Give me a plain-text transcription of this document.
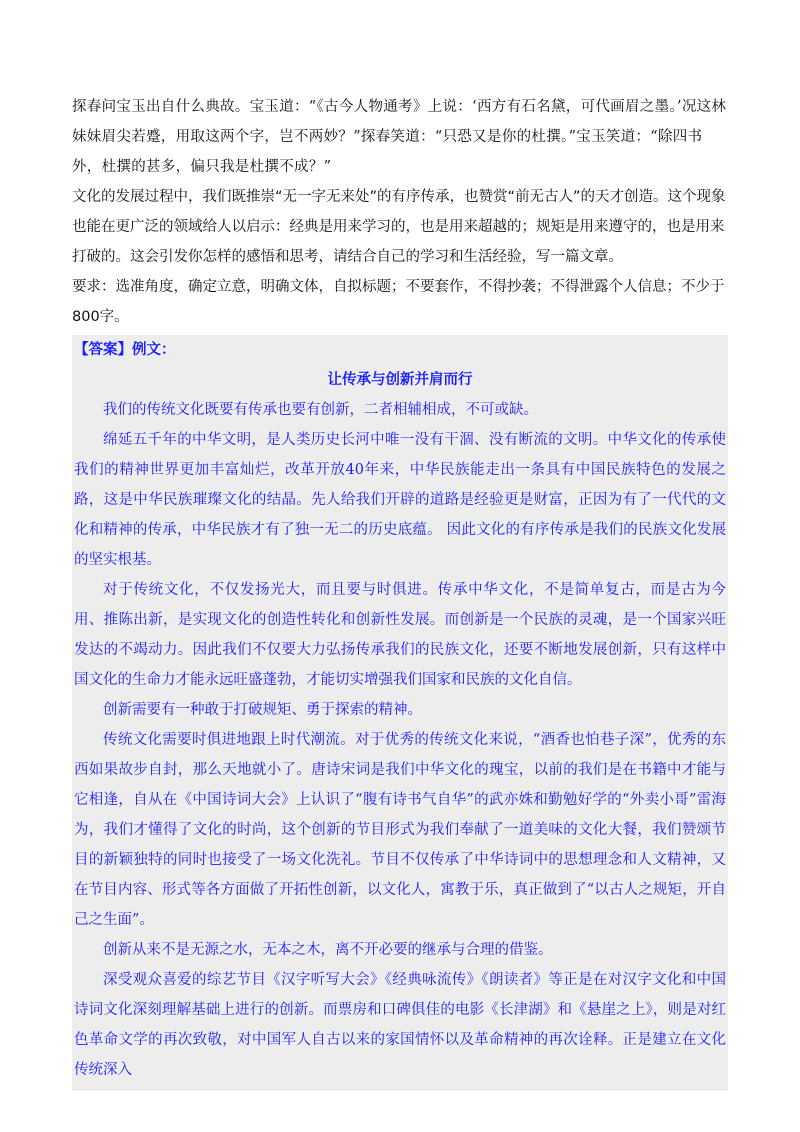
探春问宝玉出自什么典故。宝玉道：“《古今人物通考》上说：‘西方有石名黛，可代画眉之墨。’况这林妹妹眉尖若蹙，用取这两个字，岂不两妙？”探春笑道：“只恐又是你的杜撰。”宝玉笑道：“除四书外，杜撰的甚多，偏只我是杜撰不成？”

文化的发展过程中，我们既推崇“无一字无来处”的有序传承，也赞赏“前无古人”的天才创造。这个现象也能在更广泛的领域给人以启示：经典是用来学习的，也是用来超越的；规矩是用来遵守的，也是用来打破的。这会引发你怎样的感悟和思考，请结合自己的学习和生活经验，写一篇文章。

要求：选准角度，确定立意，明确文体，自拟标题；不要套作，不得抄袭；不得泄露个人信息；不少于800字。

【答案】例文：
让传承与创新并肩而行

我们的传统文化既要有传承也要有创新，二者相辅相成，不可或缺。

绵延五千年的中华文明，是人类历史长河中唯一没有干涸、没有断流的文明。中华文化的传承使我们的精神世界更加丰富灿烂，改革开放40年来，中华民族能走出一条具有中国民族特色的发展之路，这是中华民族璀璨文化的结晶。先人给我们开辟的道路是经验更是财富，正因为有了一代代的文化和精神的传承，中华民族才有了独一无二的历史底蕴。 因此文化的有序传承是我们的民族文化发展的坚实根基。

对于传统文化，不仅发扬光大，而且要与时俱进。传承中华文化，不是简单复古，而是古为今用、推陈出新，是实现文化的创造性转化和创新性发展。而创新是一个民族的灵魂，是一个国家兴旺发达的不竭动力。因此我们不仅要大力弘扬传承我们的民族文化，还要不断地发展创新，只有这样中国文化的生命力才能永远旺盛蓬勃，才能切实增强我们国家和民族的文化自信。

创新需要有一种敢于打破规矩、勇于探索的精神。

传统文化需要时俱进地跟上时代潮流。对于优秀的传统文化来说，“酒香也怕巷子深”，优秀的东西如果故步自封，那么天地就小了。唐诗宋词是我们中华文化的瑰宝，以前的我们是在书籍中才能与它相逢，自从在《中国诗词大会》上认识了“腹有诗书气自华”的武亦姝和勤勉好学的“外卖小哥”雷海为，我们才懂得了文化的时尚，这个创新的节目形式为我们奉献了一道美味的文化大餐，我们赞颂节目的新颖独特的同时也接受了一场文化洗礼。节目不仅传承了中华诗词中的思想理念和人文精神，又在节目内容、形式等各方面做了开拓性创新，以文化人，寓教于乐，真正做到了“以古人之规矩，开自己之生面”。

创新从来不是无源之水，无本之木，离不开必要的继承与合理的借鉴。

深受观众喜爱的综艺节目《汉字听写大会》《经典咏流传》《朗读者》等正是在对汉字文化和中国诗词文化深刻理解基础上进行的创新。而票房和口碑俱佳的电影《长津湖》和《悬崖之上》，则是对红色革命文学的再次致敬，对中国军人自古以来的家国情怀以及革命精神的再次诠释。正是建立在文化传统深入
